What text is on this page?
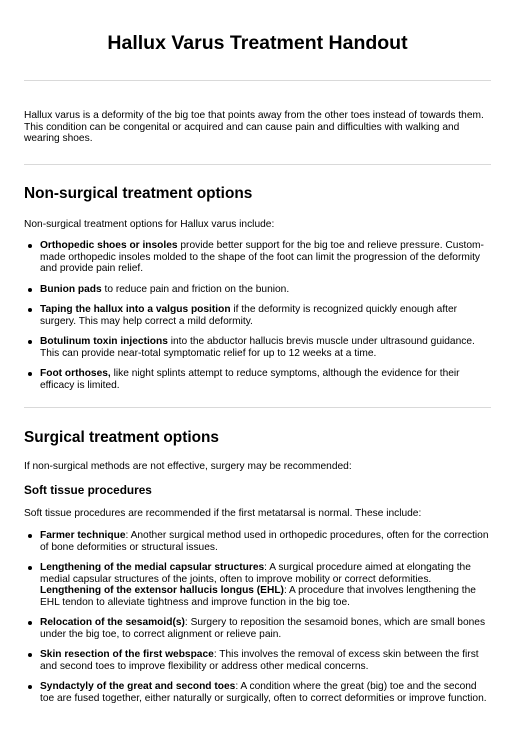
Hallux Varus Treatment Handout
Hallux varus is a deformity of the big toe that points away from the other toes instead of towards them. This condition can be congenital or acquired and can cause pain and difficulties with walking and wearing shoes.
Non-surgical treatment options
Non-surgical treatment options for Hallux varus include:
Orthopedic shoes or insoles provide better support for the big toe and relieve pressure. Custom-made orthopedic insoles molded to the shape of the foot can limit the progression of the deformity and provide pain relief.
Bunion pads to reduce pain and friction on the bunion.
Taping the hallux into a valgus position if the deformity is recognized quickly enough after surgery. This may help correct a mild deformity.
Botulinum toxin injections into the abductor hallucis brevis muscle under ultrasound guidance. This can provide near-total symptomatic relief for up to 12 weeks at a time.
Foot orthoses, like night splints attempt to reduce symptoms, although the evidence for their efficacy is limited.
Surgical treatment options
If non-surgical methods are not effective, surgery may be recommended:
Soft tissue procedures
Soft tissue procedures are recommended if the first metatarsal is normal. These include:
Farmer technique: Another surgical method used in orthopedic procedures, often for the correction of bone deformities or structural issues.
Lengthening of the medial capsular structures: A surgical procedure aimed at elongating the medial capsular structures of the joints, often to improve mobility or correct deformities.
Lengthening of the extensor hallucis longus (EHL): A procedure that involves lengthening the EHL tendon to alleviate tightness and improve function in the big toe.
Relocation of the sesamoid(s): Surgery to reposition the sesamoid bones, which are small bones under the big toe, to correct alignment or relieve pain.
Skin resection of the first webspace: This involves the removal of excess skin between the first and second toes to improve flexibility or address other medical concerns.
Syndactyly of the great and second toes: A condition where the great (big) toe and the second toe are fused together, either naturally or surgically, often to correct deformities or improve function.
